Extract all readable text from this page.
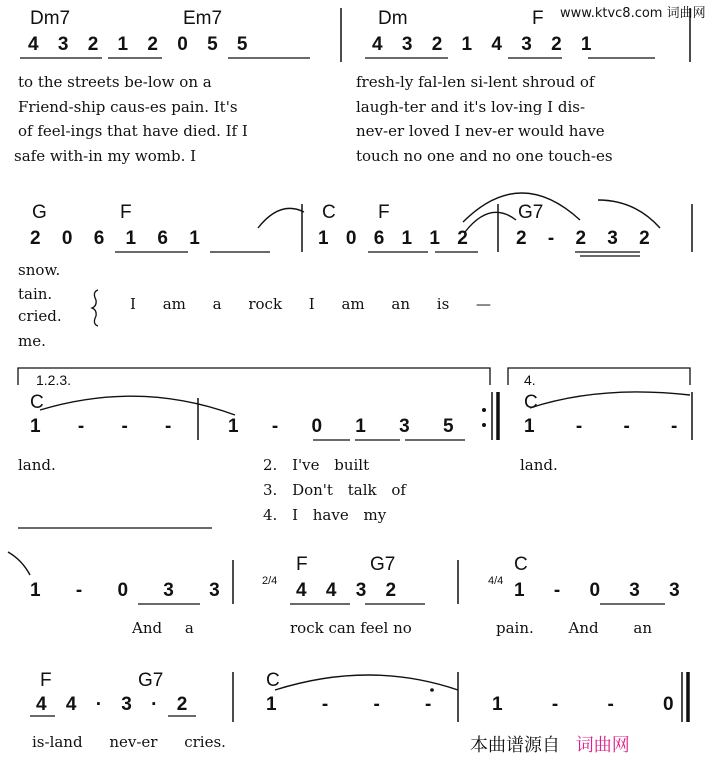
www.ktvc8.com 词曲网
Dm7	Em7	Dm	F
4 3 2 1 2 0 5 5	4 3 2 1 4 3 2 1
to the streets be-low on a
Friend-ship caus-es pain. It's
of feel-ings that have died. If I
safe with-in my womb. I
fresh-ly fal-len si-lent shroud of
laugh-ter and it's lov-ing I dis-
nev-er loved I nev-er would have
touch no one and no one touch-es
G	F	C F	G7
2 0 6 1 6 1	1 0 6 1 1 2	2 - 2 3 2
snow.
tain.
cried.
me.
I am a rock I am an is —
1.2.3.	4.
C	C
1 - - -	1 - 0 1 3 5	1 - - -
land.	land.
2. I've built
3. Don't talk of
4. I have my
F	G7	C
1 - 0 3 3	2/4 4 4 3 2	4/4 1 - 0 3 3
And a	rock can feel no	pain. And an
F	G7	C
4 4 · 3 · 2	1 - - -	1 - - 0
is-land nev-er cries.	本曲谱源自 词曲网
